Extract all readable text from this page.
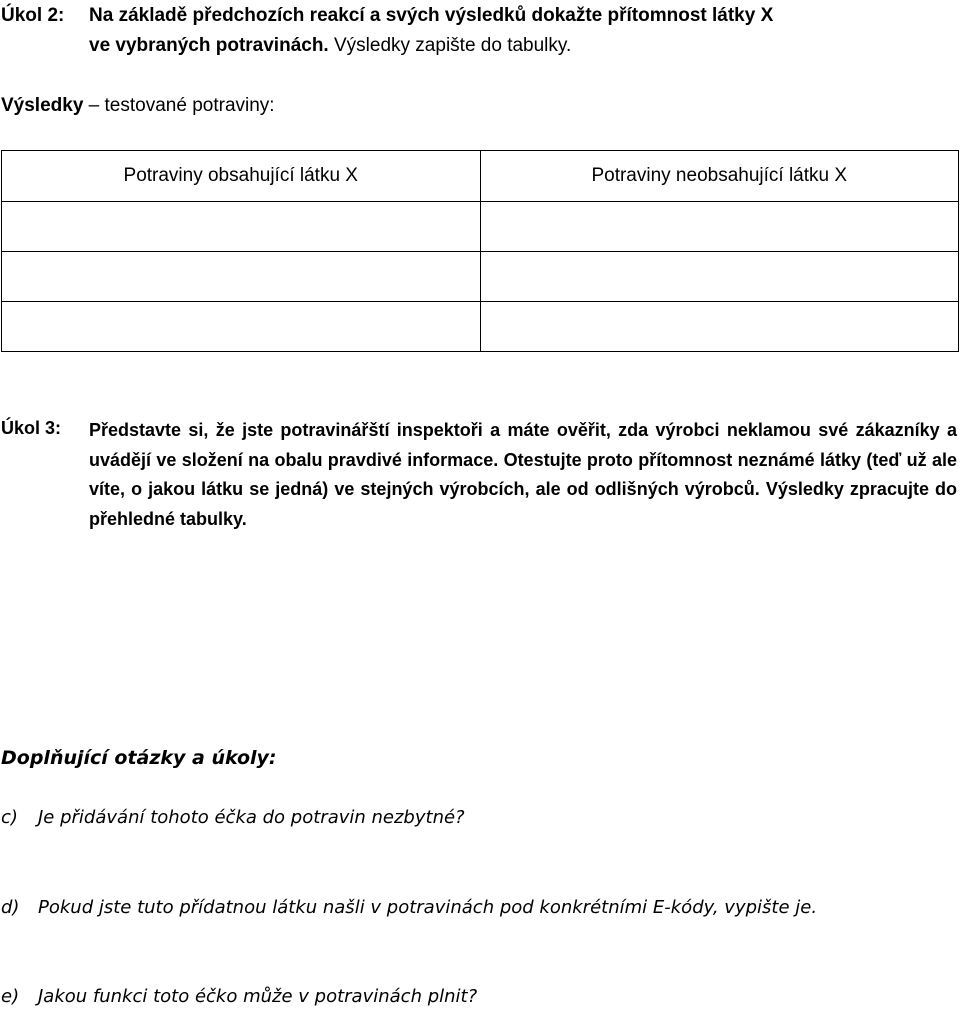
Úkol 2: Na základě předchozích reakcí a svých výsledků dokažte přítomnost látky X
ve vybraných potravinách. Výsledky zapište do tabulky.
Výsledky – testované potraviny:
Potraviny obsahující látku X	Potraviny neobsahující látku X

Úkol 3: Představte si, že jste potravinářští inspektoři a máte ověřit, zda výrobci neklamou své zákazníky a uvádějí ve složení na obalu pravdivé informace. Otestujte proto přítomnost neznámé látky (teď už ale víte, o jakou látku se jedná) ve stejných výrobcích, ale od odlišných výrobců. Výsledky zpracujte do přehledné tabulky.
Doplňující otázky a úkoly:
c) Je přidávání tohoto éčka do potravin nezbytné?
d) Pokud jste tuto přídatnou látku našli v potravinách pod konkrétními E-kódy, vypište je.
e) Jakou funkci toto éčko může v potravinách plnit?
